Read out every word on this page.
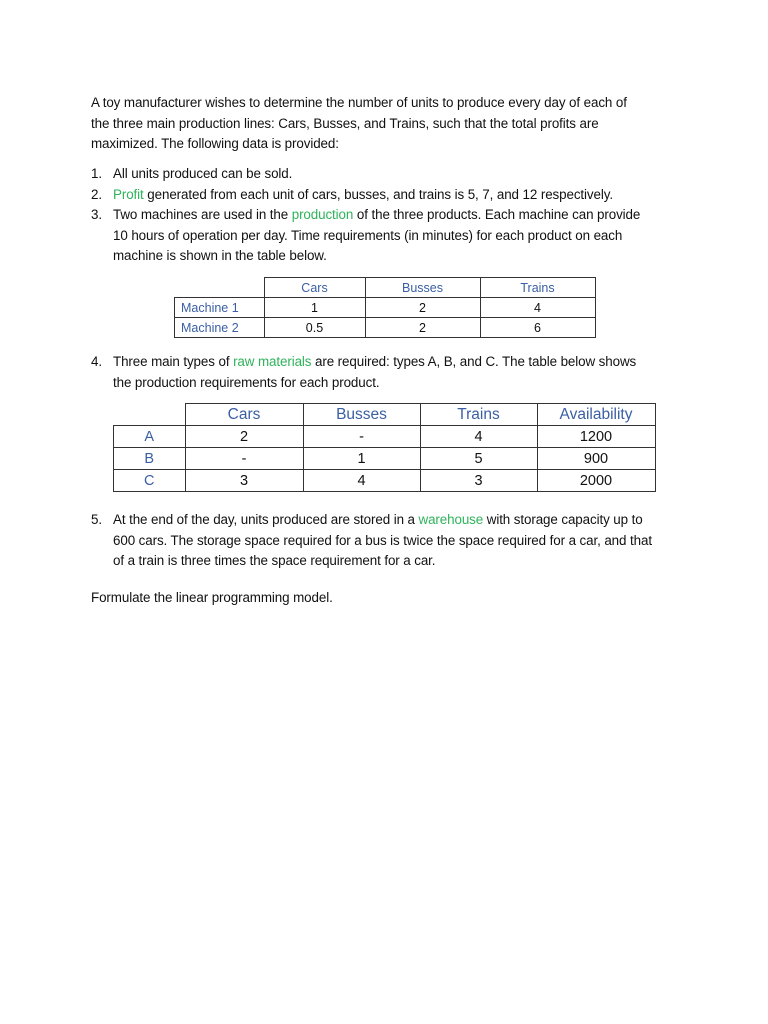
A toy manufacturer wishes to determine the number of units to produce every day of each of
the three main production lines: Cars, Busses, and Trains, such that the total profits are
maximized. The following data is provided:
1. All units produced can be sold.
2. Profit generated from each unit of cars, busses, and trains is 5, 7, and 12 respectively.
3. Two machines are used in the production of the three products. Each machine can provide
10 hours of operation per day. Time requirements (in minutes) for each product on each
machine is shown in the table below.
	Cars	Busses	Trains
Machine 1	1	2	4
Machine 2	0.5	2	6
4. Three main types of raw materials are required: types A, B, and C. The table below shows
the production requirements for each product.
	Cars	Busses	Trains	Availability
A	2	-	4	1200
B	-	1	5	900
C	3	4	3	2000
5. At the end of the day, units produced are stored in a warehouse with storage capacity up to
600 cars. The storage space required for a bus is twice the space required for a car, and that
of a train is three times the space requirement for a car.
Formulate the linear programming model.
